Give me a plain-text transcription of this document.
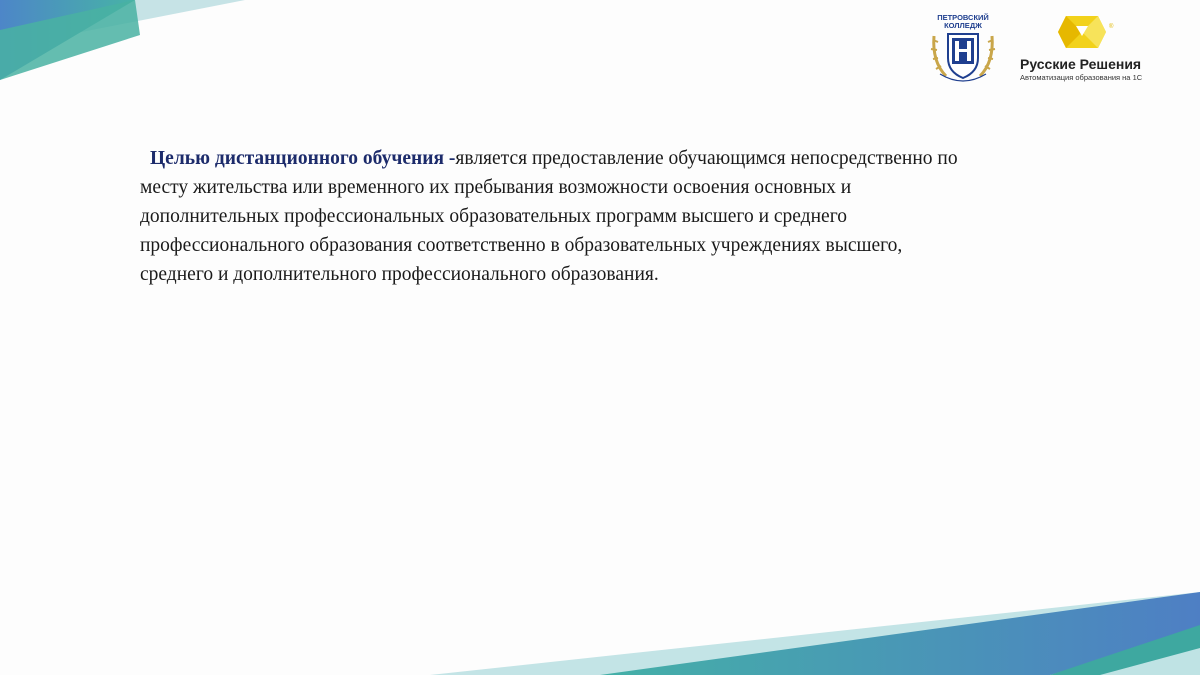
ПЕТРОВСКИЙ
КОЛЛЕДЖ	®
Русские Решения
Автоматизация образования на 1С
Целью дистанционного обучения -является предоставление обучающимся непосредственно по
месту жительства или временного их пребывания возможности освоения основных и
дополнительных профессиональных образовательных программ высшего и среднего
профессионального образования соответственно в образовательных учреждениях высшего,
среднего и дополнительного профессионального образования.
